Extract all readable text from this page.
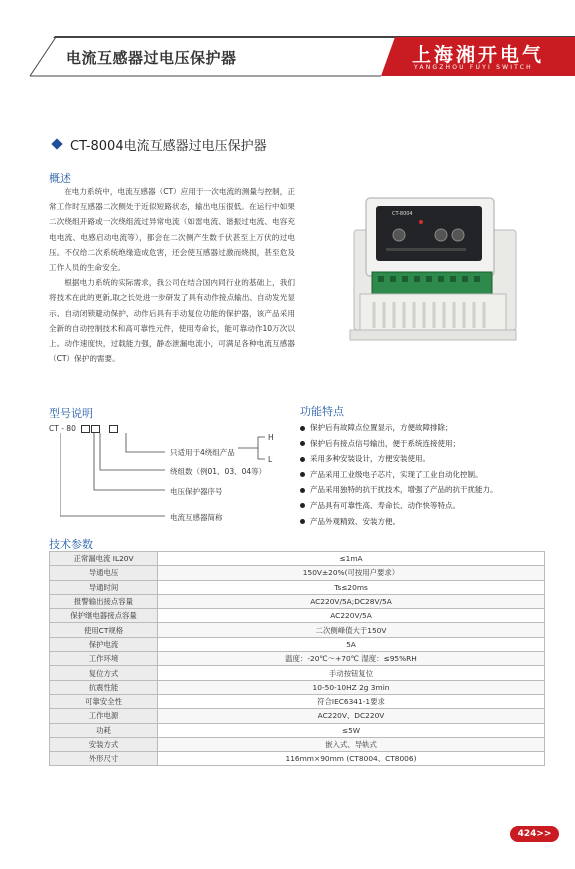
电流互感器过电压保护器	上海湘开电气
YANGZHOU FUYI SWITCH
CT-8004电流互感器过电压保护器
概述

在电力系统中，电流互感器（CT）应用于一次电流的测量与控制，正常工作时互感器二次侧处于近似短路状态，输出电压很低。在运行中如果二次绕组开路或一次绕组流过异常电流（如雷电流、谐振过电流、电容充电电流、电感启动电流等），都会在二次侧产生数千伏甚至上万伏的过电压。不仅给二次系统绝缘造成危害，还会使互感器过激而烧损，甚至危及工作人员的生命安全。

根据电力系统的实际需求，我公司在结合国内同行业的基础上，我们将技术在此的更新,取之长处进一步研发了具有动作接点输出、自动发光显示、自动闭锁避动保护、动作后具有手动复位功能的保护器，该产品采用全新的自动控制技术和高可靠性元件，使用寿命长，能可靠动作10万次以上。动作速度快，过载能力强，静态泄漏电流小，可满足各种电流互感器（CT）保护的需要。

CT-8004
型号说明
CT - 80
只适用于4绕组产品
绕组数（例01、03、04等）
电压保护器序号
电流互感器简称
H
L
功能特点
保护后有故障点位置显示，方便故障排除；
保护后有接点信号输出，便于系统连接使用；
采用多种安装设计，方便安装使用。
产品采用工业级电子芯片，实现了工业自动化控制。
产品采用独特的抗干扰技术，增强了产品的抗干扰能力。
产品具有可靠性高、寿命长、动作快等特点。
产品外观精致、安装方便。
技术参数
正常漏电流 IL20V	≤1mA
导通电压	150V±20%(可按用户要求）
导通时间	Ts≤20ms
报警输出接点容量	AC220V/5A;DC28V/5A
保护继电器接点容量	AC220V/5A
使用CT规格	二次侧峰值大于150V
保护电流	5A
工作环境	温度：-20℃～+70℃ 湿度：≤95%RH
复位方式	手动按钮复位
抗震性能	10-50-10HZ 2g 3min
可靠安全性	符合IEC6341-1要求
工作电源	AC220V、DC220V
功耗	≤5W
安装方式	嵌入式、导轨式
外形尺寸	116mm×90mm (CT8004、CT8006)
424>>
